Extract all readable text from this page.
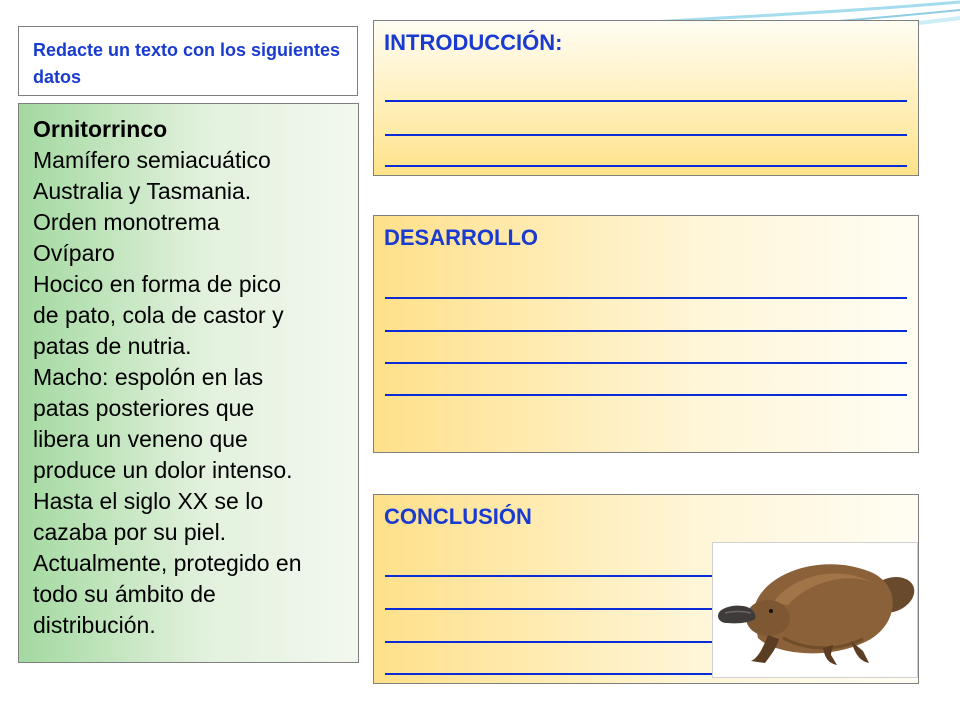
Redacte un texto con los siguientes datos
Ornitorrinco
Mamífero semiacuático
Australia y Tasmania.
Orden monotrema
Ovíparo
Hocico en forma de pico
de pato, cola de castor y
patas de nutria.
Macho: espolón en las
patas posteriores que
libera un veneno que
produce un dolor intenso.
Hasta el siglo XX se lo
cazaba por su piel.
Actualmente, protegido en
todo su ámbito de
distribución.
INTRODUCCIÓN:
DESARROLLO
CONCLUSIÓN
